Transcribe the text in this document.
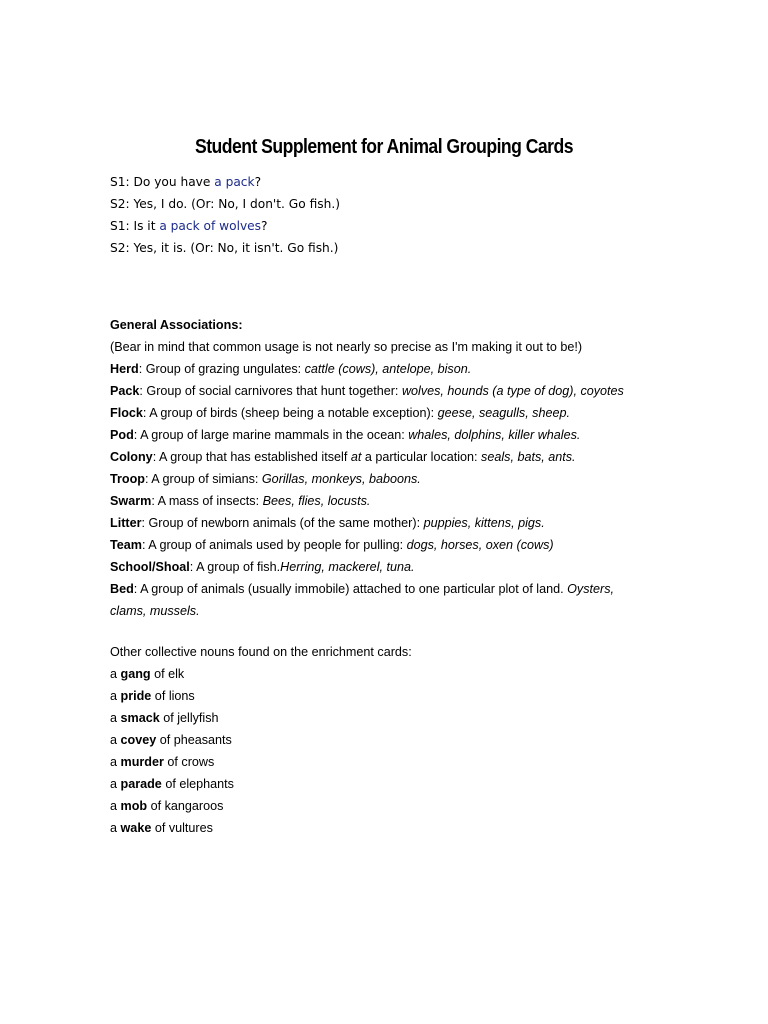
Student Supplement for Animal Grouping Cards
S1: Do you have a pack?
S2: Yes, I do. (Or: No, I don't. Go fish.)
S1: Is it a pack of wolves?
S2: Yes, it is. (Or: No, it isn't. Go fish.)

General Associations:

(Bear in mind that common usage is not nearly so precise as I'm making it out to be!)

Herd: Group of grazing ungulates: cattle (cows), antelope, bison.

Pack: Group of social carnivores that hunt together: wolves, hounds (a type of dog), coyotes

Flock: A group of birds (sheep being a notable exception): geese, seagulls, sheep.

Pod: A group of large marine mammals in the ocean: whales, dolphins, killer whales.

Colony: A group that has established itself at a particular location: seals, bats, ants.

Troop: A group of simians: Gorillas, monkeys, baboons.

Swarm: A mass of insects: Bees, flies, locusts.

Litter: Group of newborn animals (of the same mother): puppies, kittens, pigs.

Team: A group of animals used by people for pulling: dogs, horses, oxen (cows)

School/Shoal: A group of fish.Herring, mackerel, tuna.

Bed: A group of animals (usually immobile) attached to one particular plot of land. Oysters, clams, mussels.

Other collective nouns found on the enrichment cards:

a gang of elk

a pride of lions

a smack of jellyfish

a covey of pheasants

a murder of crows

a parade of elephants

a mob of kangaroos

a wake of vultures
